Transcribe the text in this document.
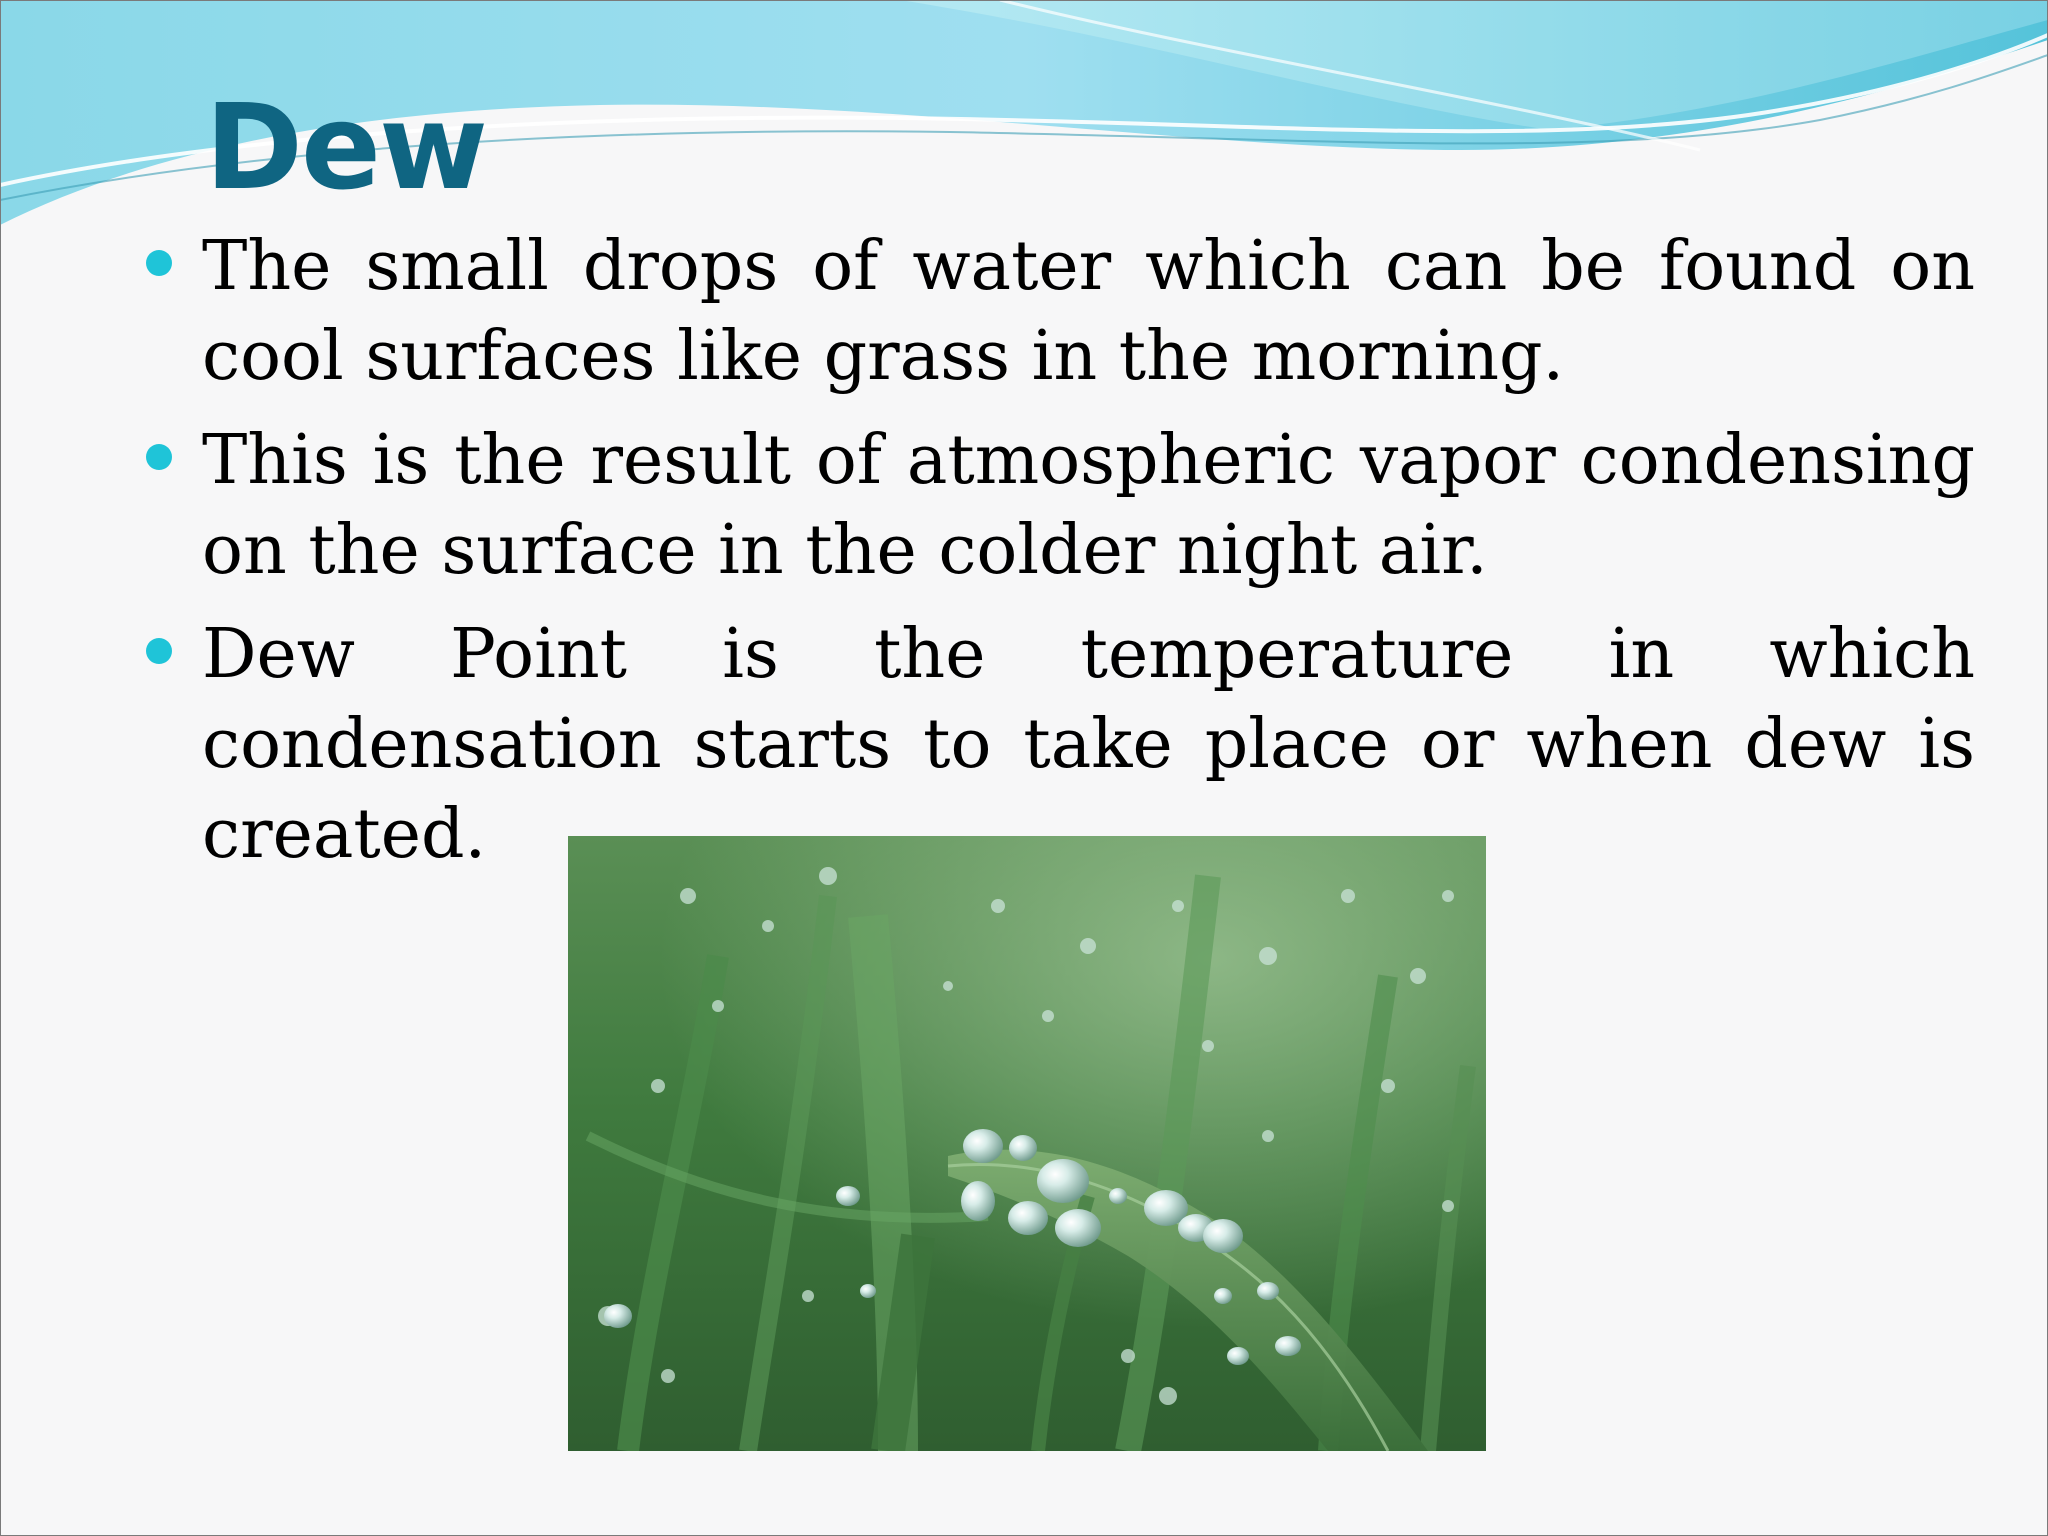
Dew
The small drops of water which can be found on cool surfaces like grass in the morning.
This is the result of atmospheric vapor condensing on the surface in the colder night air.
Dew Point is the temperature in which condensation starts to take place or when dew is created.
